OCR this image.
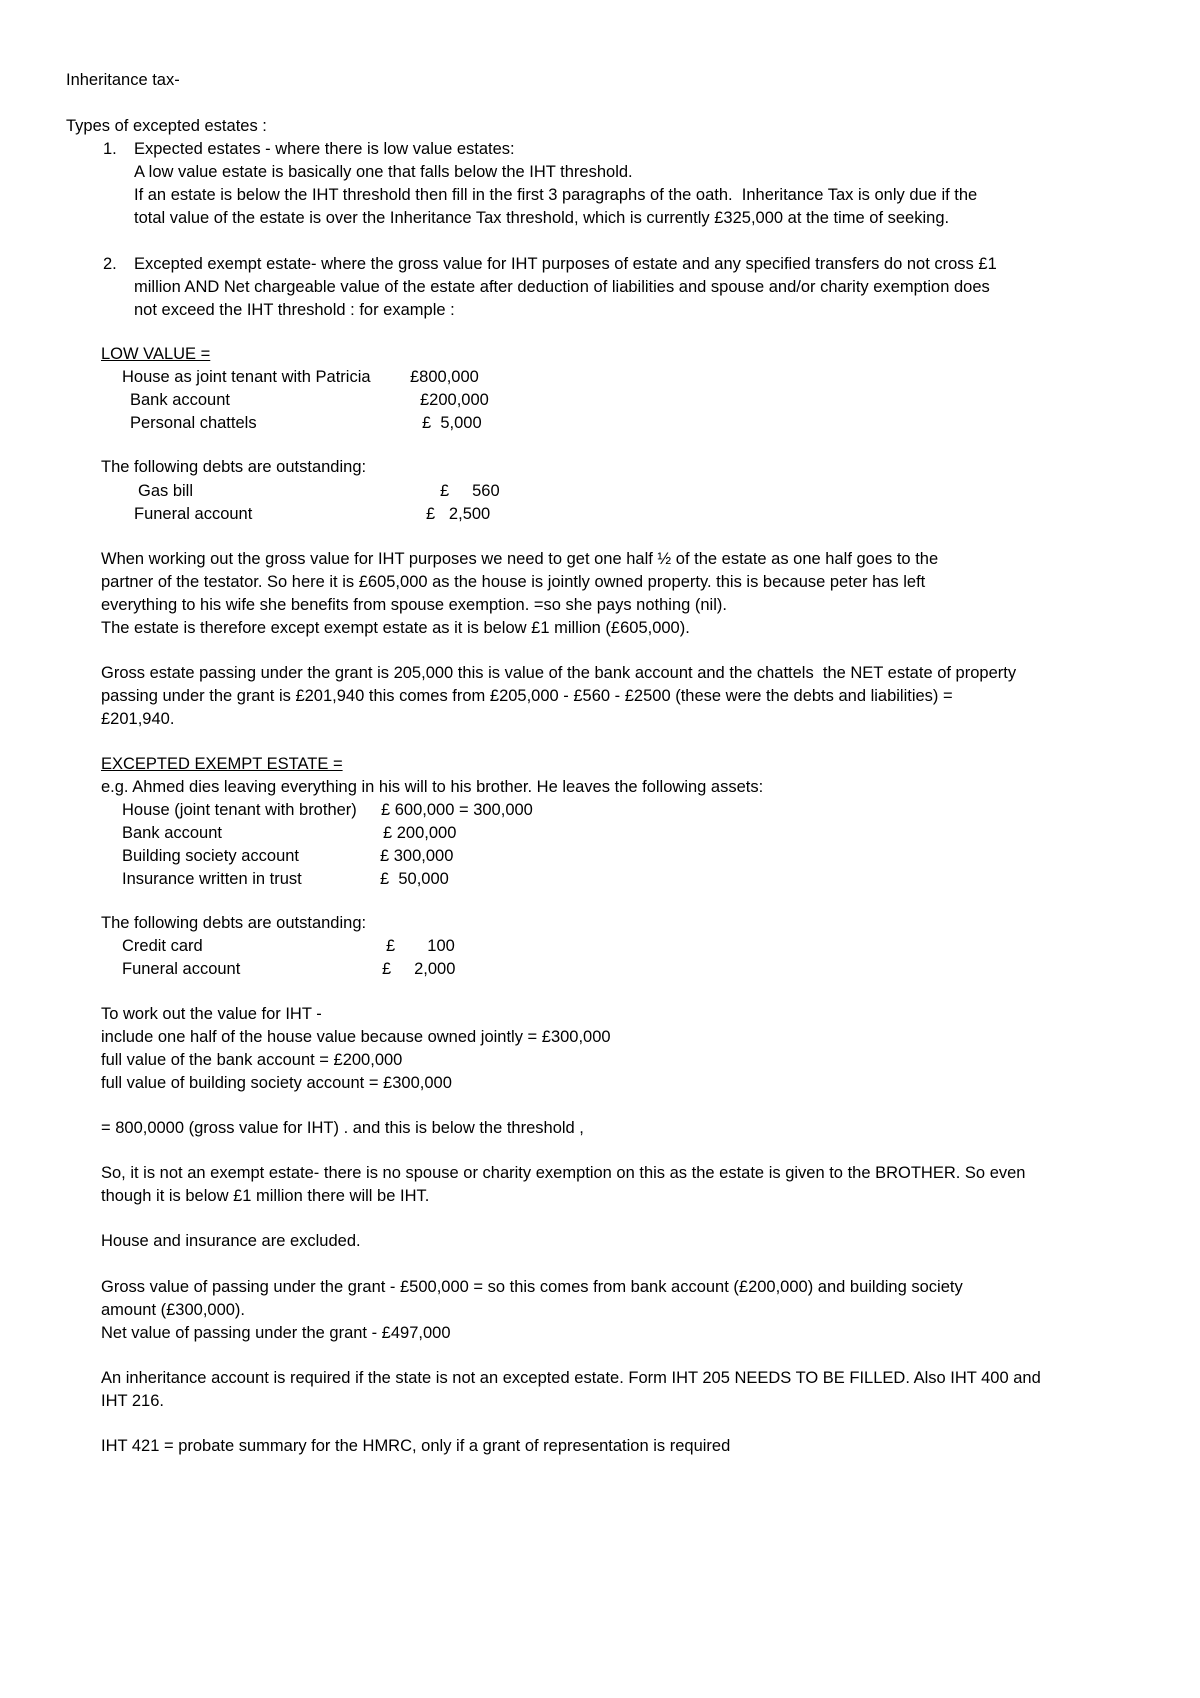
Inheritance tax-
Types of excepted estates :
1. Expected estates - where there is low value estates:
A low value estate is basically one that falls below the IHT threshold.
If an estate is below the IHT threshold then fill in the first 3 paragraphs of the oath.  Inheritance Tax is only due if the
total value of the estate is over the Inheritance Tax threshold, which is currently £325,000 at the time of seeking.
2. Excepted exempt estate- where the gross value for IHT purposes of estate and any specified transfers do not cross £1
million AND Net chargeable value of the estate after deduction of liabilities and spouse and/or charity exemption does
not exceed the IHT threshold : for example :
LOW VALUE =
House as joint tenant with Patricia £800,000
Bank account	£200,000
Personal chattels	£  5,000
The following debts are outstanding:
Gas bill	£     560
Funeral account	£   2,500
When working out the gross value for IHT purposes we need to get one half ½ of the estate as one half goes to the
partner of the testator. So here it is £605,000 as the house is jointly owned property. this is because peter has left
everything to his wife she benefits from spouse exemption. =so she pays nothing (nil).
The estate is therefore except exempt estate as it is below £1 million (£605,000).
Gross estate passing under the grant is 205,000 this is value of the bank account and the chattels  the NET estate of property
passing under the grant is £201,940 this comes from £205,000 - £560 - £2500 (these were the debts and liabilities) =
£201,940.
EXCEPTED EXEMPT ESTATE =
e.g. Ahmed dies leaving everything in his will to his brother. He leaves the following assets:
House (joint tenant with brother) £ 600,000 = 300,000
Bank account	£ 200,000
Building society account	£ 300,000
Insurance written in trust	£  50,000
The following debts are outstanding:
Credit card	£       100
Funeral account	£     2,000
To work out the value for IHT -
include one half of the house value because owned jointly = £300,000
full value of the bank account = £200,000
full value of building society account = £300,000
= 800,0000 (gross value for IHT) . and this is below the threshold ,
So, it is not an exempt estate- there is no spouse or charity exemption on this as the estate is given to the BROTHER. So even
though it is below £1 million there will be IHT.
House and insurance are excluded.
Gross value of passing under the grant - £500,000 = so this comes from bank account (£200,000) and building society
amount (£300,000).
Net value of passing under the grant - £497,000
An inheritance account is required if the state is not an excepted estate. Form IHT 205 NEEDS TO BE FILLED. Also IHT 400 and
IHT 216.
IHT 421 = probate summary for the HMRC, only if a grant of representation is required
